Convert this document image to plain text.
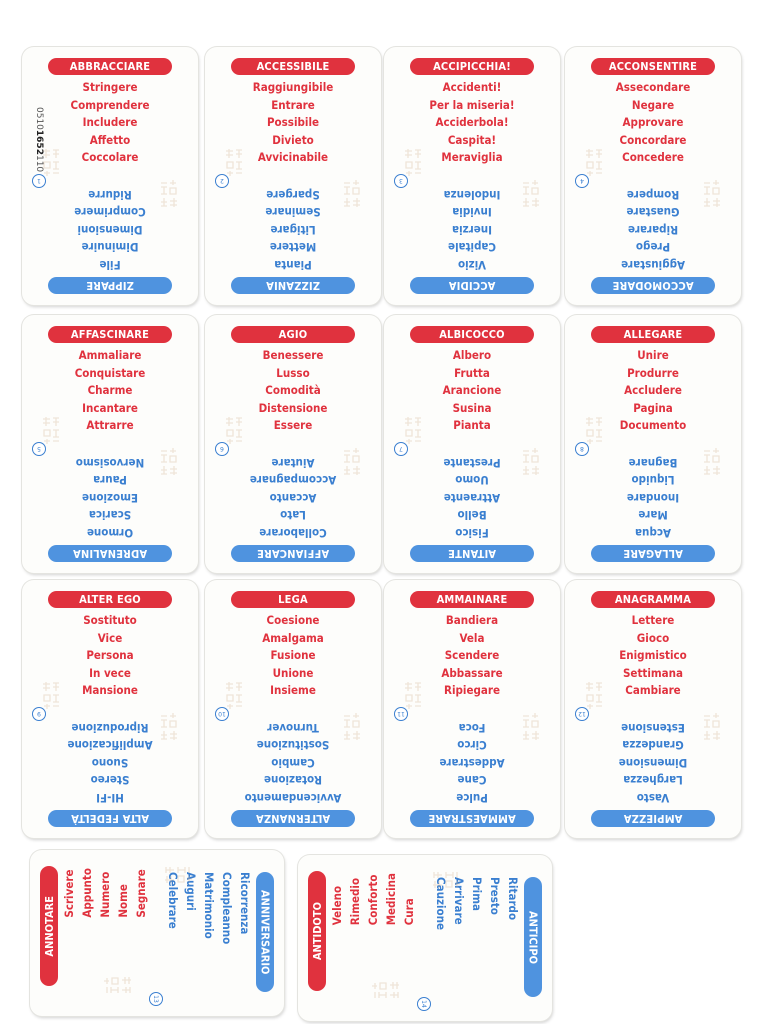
ABBRACCIARE
Stringere
Comprendere
Includere
Affetto
Coccolare
ZIPPARE
File
Diminuire
Dimensioni
Comprimere
Ridurre
1
05101652110
ACCESSIBILE
Raggiungibile
Entrare
Possibile
Divieto
Avvicinabile
ZIZZANIA
Pianta
Mettere
Litigare
Seminare
Spargere
2
ACCIPICCHIA!
Accidenti!
Per la miseria!
Acciderbola!
Caspita!
Meraviglia
ACCIDIA
Vizio
Capitale
Inerzia
Invidia
Indolenza
3
ACCONSENTIRE
Assecondare
Negare
Approvare
Concordare
Concedere
ACCOMODARE
Aggiustare
Prego
Riparare
Guastare
Rompere
4
AFFASCINARE
Ammaliare
Conquistare
Charme
Incantare
Attrarre
ADRENALINA
Ormone
Scarica
Emozione
Paura
Nervosismo
5
AGIO
Benessere
Lusso
Comodità
Distensione
Essere
AFFIANCARE
Collaborare
Lato
Accanto
Accompagnare
Aiutare
6
ALBICOCCO
Albero
Frutta
Arancione
Susina
Pianta
AITANTE
Fisico
Bello
Attraente
Uomo
Prestante
7
ALLEGARE
Unire
Produrre
Accludere
Pagina
Documento
ALLAGARE
Acqua
Mare
Inondare
Liquido
Bagnare
8
ALTER EGO
Sostituto
Vice
Persona
In vece
Mansione
ALTA FEDELTÀ
HI-FI
Stereo
Suono
Amplificazione
Riproduzione
9
LEGA
Coesione
Amalgama
Fusione
Unione
Insieme
ALTERNANZA
Avvicendamento
Rotazione
Cambio
Sostituzione
Turnover
10
AMMAINARE
Bandiera
Vela
Scendere
Abbassare
Ripiegare
AMMAESTRARE
Pulce
Cane
Addestrare
Circo
Foca
11
ANAGRAMMA
Lettere
Gioco
Enigmistico
Settimana
Cambiare
AMPIEZZA
Vasto
Larghezza
Dimensione
Grandezza
Estensione
12
ANNOTARE
Scrivere Appunto Numero Nome Segnare	ANNIVERSARIO
Ricorrenza
Compleanno
Matrimonio
Auguri
Celebrare
13
ANTIDOTO Veleno Rimedio Conforto Medicina Cura	ANTICIPO
Ritardo
Presto
Prima
Arrivare
Cauzione
14
